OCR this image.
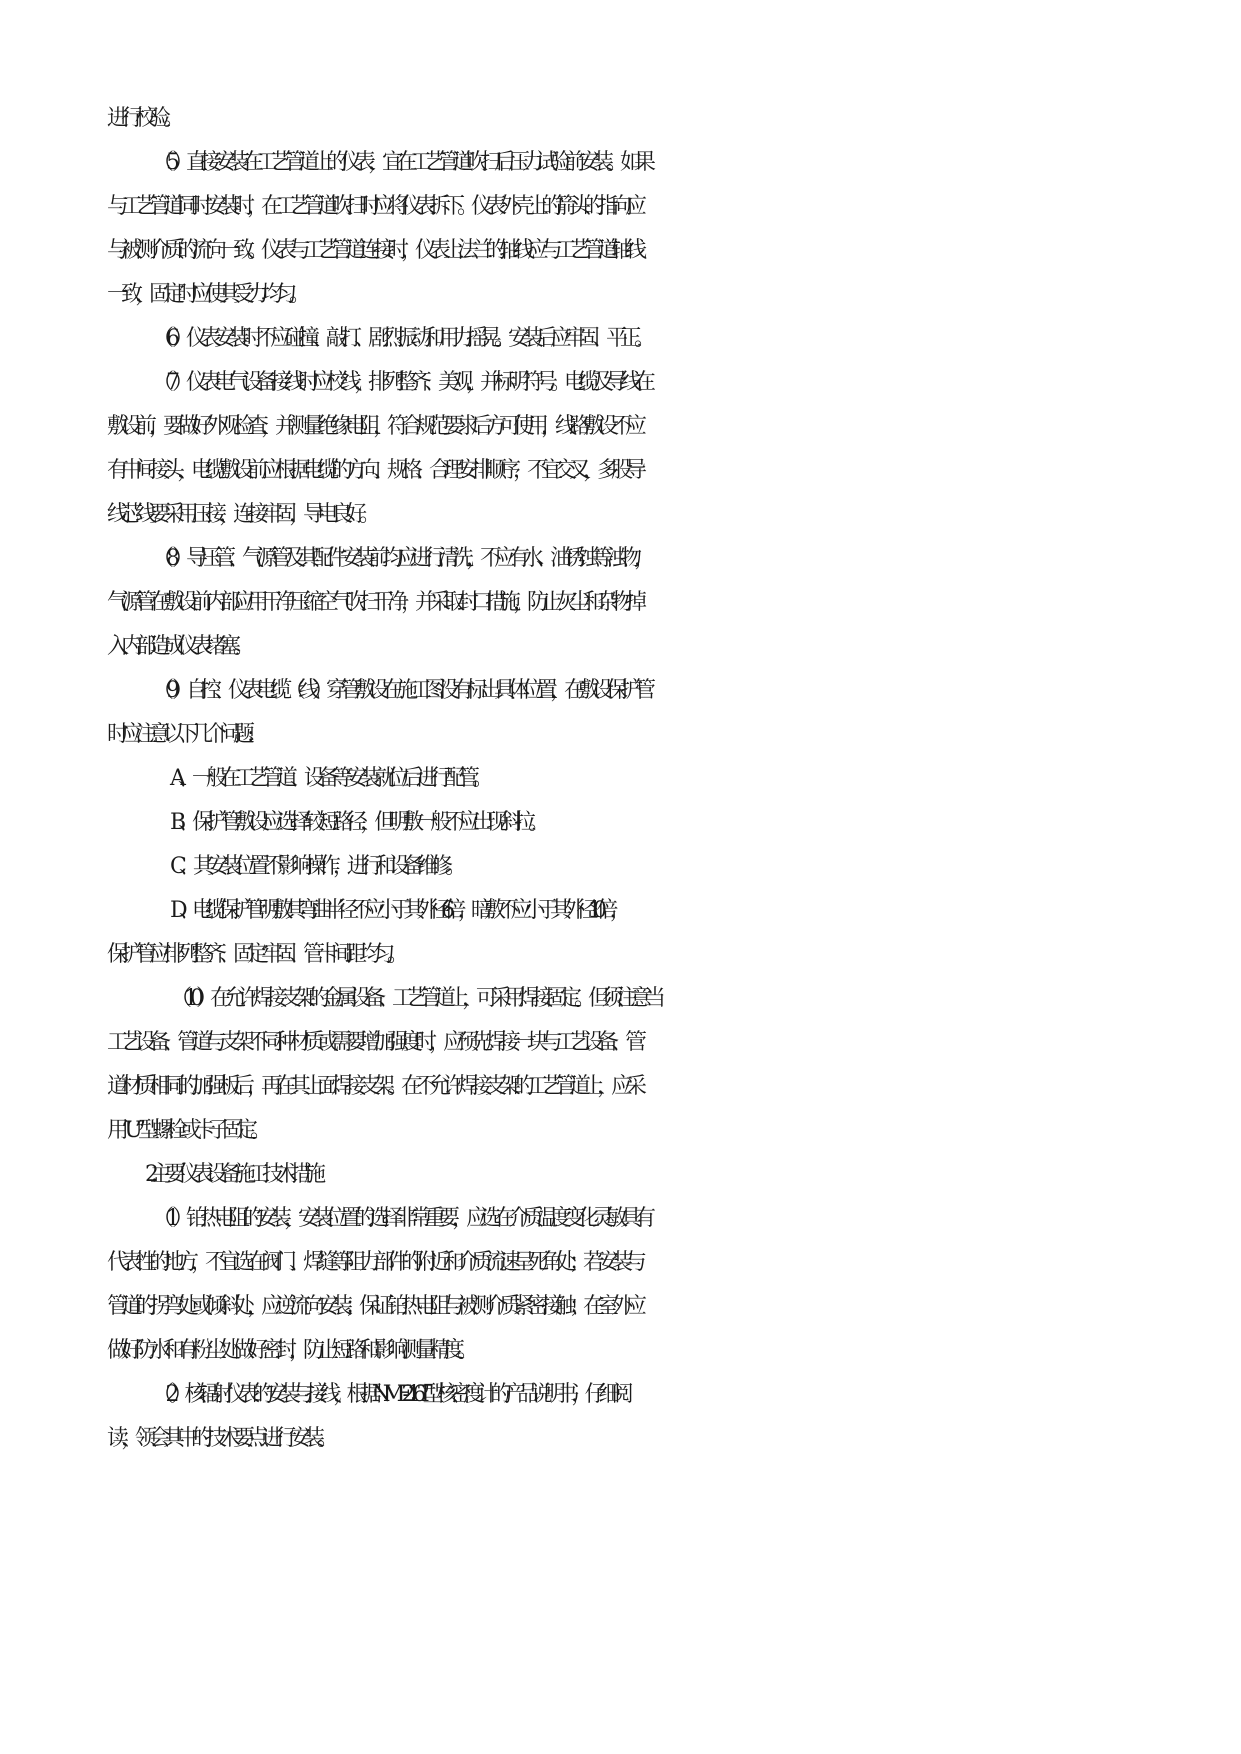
进行校验。
（5）直接安装在工艺管道上的仪表，宜在工艺管道吹扫后压力试验前安装。如果
与工艺管道同时安装时，在工艺管道吹扫时应将仪表拆下。仪表外壳上的箭头的指向应
与被测介质的流向一致。仪表与工艺管道连接时，仪表上法兰的轴线应与工艺管道轴线
一致，固定时应使其受力均匀。
（6）仪表安装时不应碰撞、敲打、剧烈振动和用力摇晃。安装后应牢固、平正。
（7）仪表电气设备接线时应校线，排列整齐、美观，并标明符号。电缆及导线在
敷设前，要做好外观检查，并测量绝缘电阻，符合规范要求后方可使用，线路敷设不应
有中间接头，电缆敷设前应根据电缆的方向、规格、合理安排顺序，不宜交叉，多股导
线芯线要采用压接，连接牢固，导电良好。
（8）导压管、气源管及其配件安装前均应进行清洗，不应有水、油锈蚀等浊物，
气源管在敷设前内部应用干净压缩空气吹扫干净，并采取封口措施，防止灰尘和杂物掉
入内部造成仪表堵塞。
（9）自控、仪表电缆（线）穿管敷设在施工图没有标出具体位置，在敷设保护管
时应注意以下几个问题:
A、一般在工艺管道、设备等安装就位后进行配管。
B、保护管敷设应选择较短路径，但明敷一般不应出现斜拉。
C、其安装位置不影响操作，进行和设备维修。
D、电缆保护管明敷其弯曲半径不应小于其外径 6 倍，暗敷不应小于其外径 10 倍，
保护管应排列整齐、固定牢固、管卡间距均匀。
（10）在允许焊接支架的金属设备、工艺管道上，可采用焊接固定。但须注意当
工艺设备、管道与支架不同种材质或需要增加强度时，应预先焊接一块与工艺设备、管
道材质相同的加强板后，再在其上面焊接支架。在不允许焊接支架的工艺管道上，应采
用“U”型螺栓或卡子固定。
2.主要仪表设备施工技术措施
（1）铂热电阻的安装，安装位置的选择非常重要，应选在介质温度变化灵敏具有
代表性的地方，不宜选在阀门、焊缝等阻力部件的附近和介质流速呈死角处；若安装与
管道的拐弯处或倾斜处，应逆流向安装；保证铂热电阻与被测介质紧密接触；在室外应
做好防水和有粉尘处做好密封，防止短路和影响测量精度。
（2）核辐射仪表的安装与接线，根据 NMF-216T 型核密度计的产品说明书，仔细阅
读，领会其中的技术要点进行安装。
